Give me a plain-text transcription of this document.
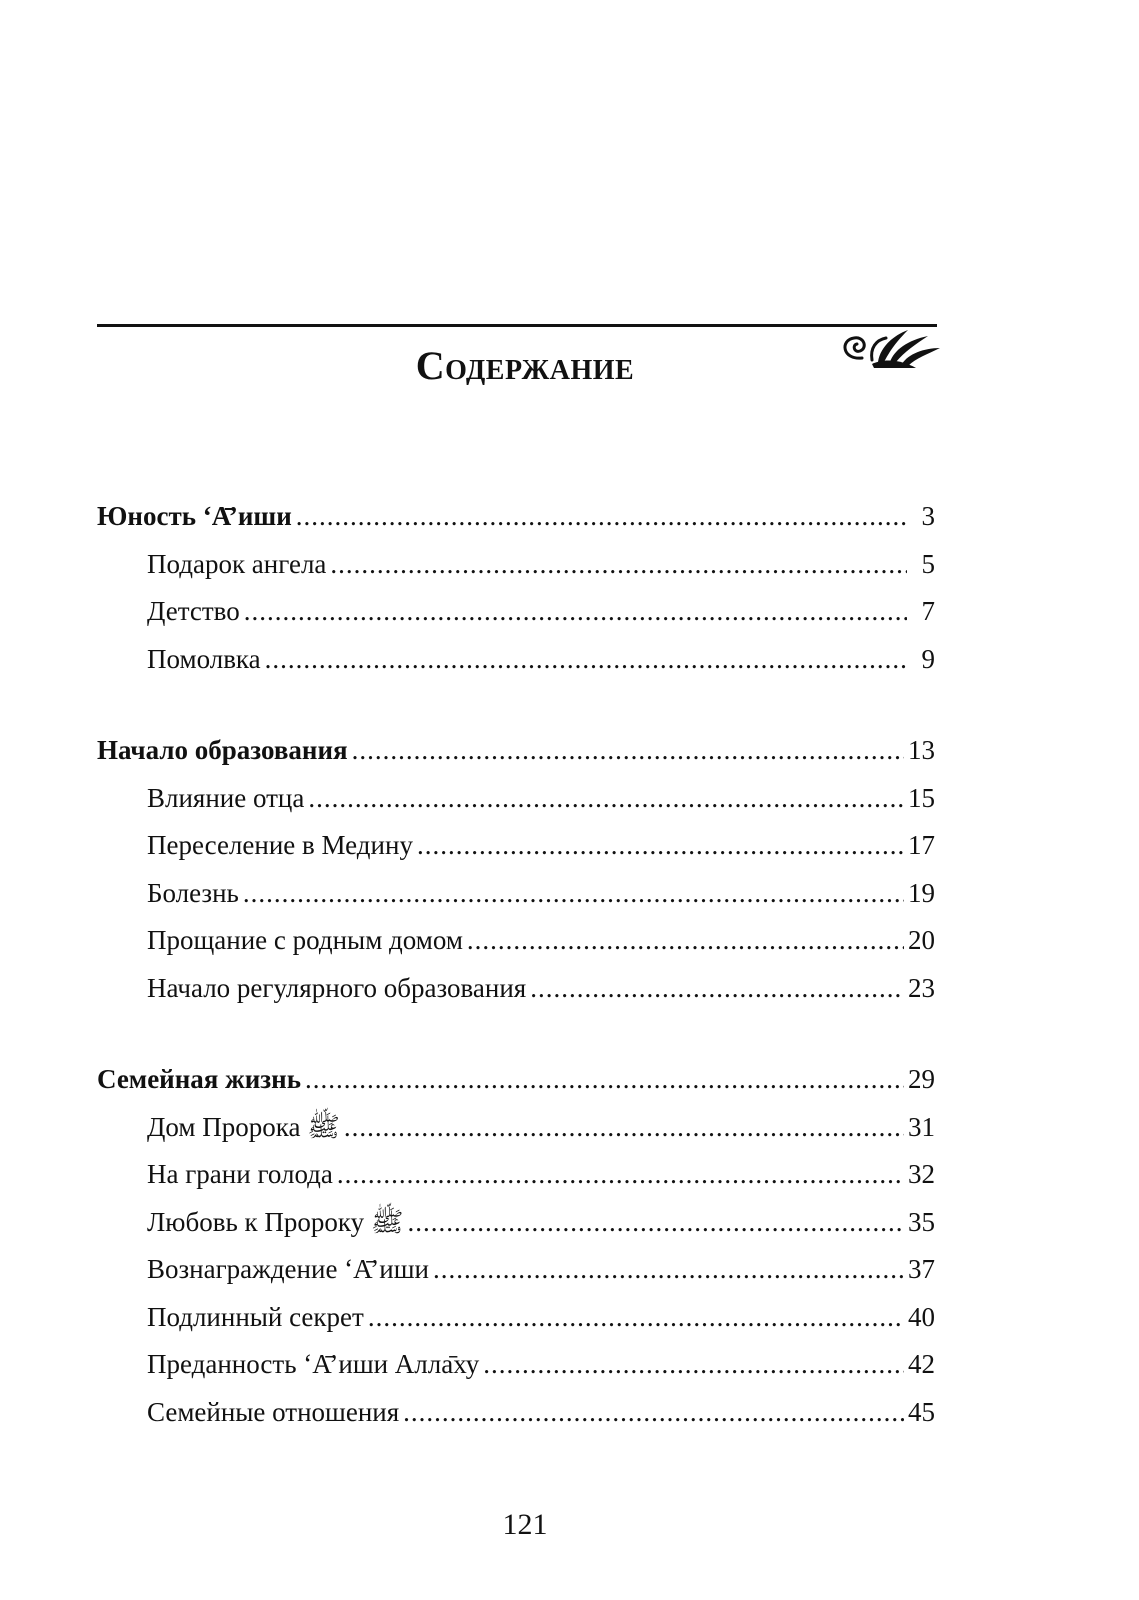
Содержание
Юность ‘А̄’иши .....	3
Подарок ангела .....	5
Детство .....	7
Помолвка .....	9
Начало образования .....	13
Влияние отца .....	15
Переселение в Медину .....	17
Болезнь .....	19
Прощание с родным домом .....	20
Начало регулярного образования .....	23
Семейная жизнь .....	29
Дом Пророка ﷺ .....	31
На грани голода .....	32
Любовь к Пророку ﷺ .....	35
Вознаграждение ‘А̄’иши .....	37
Подлинный секрет .....	40
Преданность ‘А̄’иши Алла̄ху .....	42
Семейные отношения .....	45
121
